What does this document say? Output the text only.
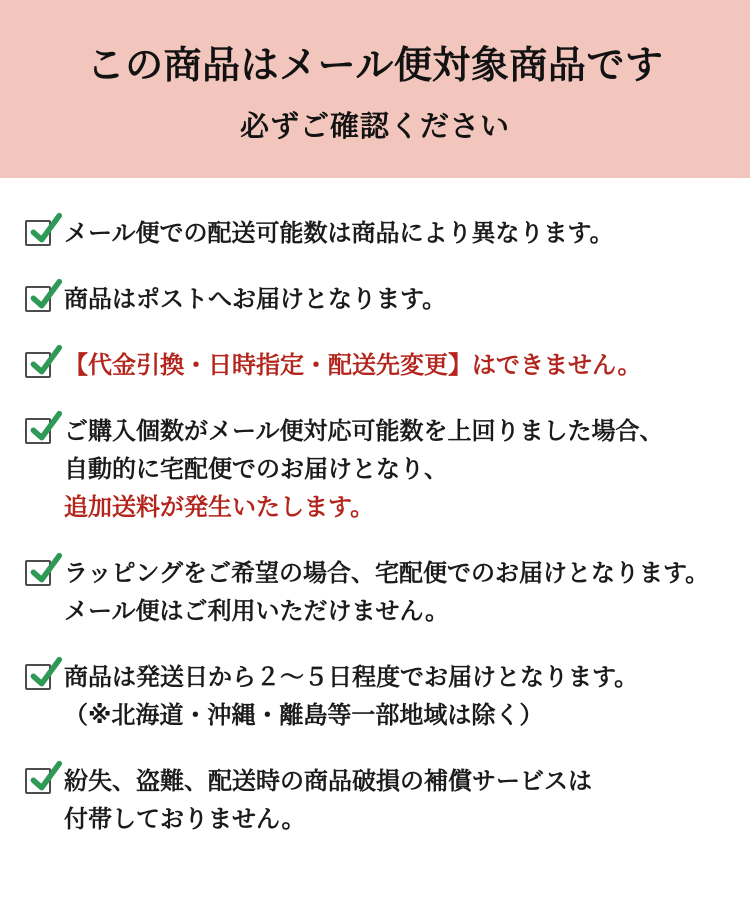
この商品はメール便対象商品です
必ずご確認ください
メール便での配送可能数は商品により異なります。
商品はポストへお届けとなります。
【代金引換・日時指定・配送先変更】はできません。
ご購入個数がメール便対応可能数を上回りました場合、
自動的に宅配便でのお届けとなり、
追加送料が発生いたします。
ラッピングをご希望の場合、宅配便でのお届けとなります。
メール便はご利用いただけません。
商品は発送日から２〜５日程度でお届けとなります。
（※北海道・沖縄・離島等一部地域は除く）
紛失、盗難、配送時の商品破損の補償サービスは
付帯しておりません。
